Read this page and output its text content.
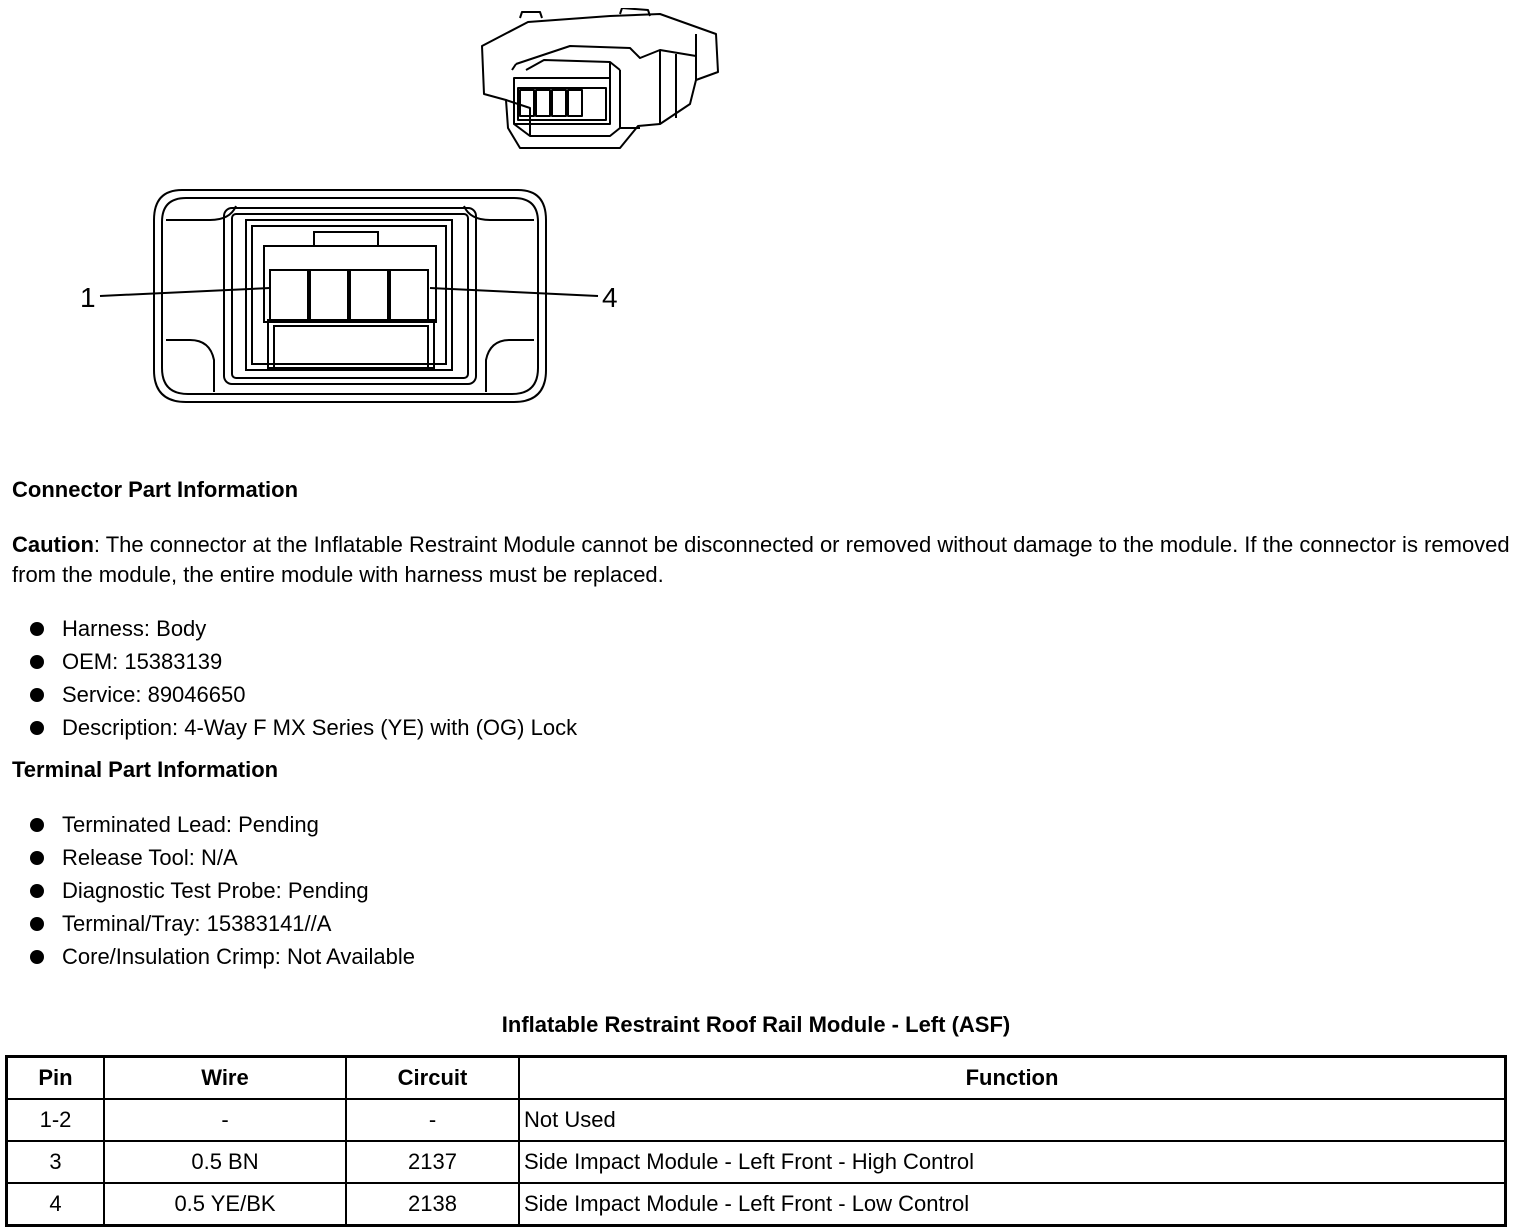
1	4
Connector Part Information
Caution: The connector at the Inflatable Restraint Module cannot be disconnected or removed without damage to the module. If the connector is removed from the module, the entire module with harness must be replaced.
Harness: Body
OEM: 15383139
Service: 89046650
Description: 4-Way F MX Series (YE) with (OG) Lock
Terminal Part Information
Terminated Lead: Pending
Release Tool: N/A
Diagnostic Test Probe: Pending
Terminal/Tray: 15383141//A
Core/Insulation Crimp: Not Available
Inflatable Restraint Roof Rail Module - Left (ASF)
Pin	Wire	Circuit	Function
1-2	-	-	Not Used
3	0.5 BN	2137	Side Impact Module - Left Front - High Control
4	0.5 YE/BK	2138	Side Impact Module - Left Front - Low Control
